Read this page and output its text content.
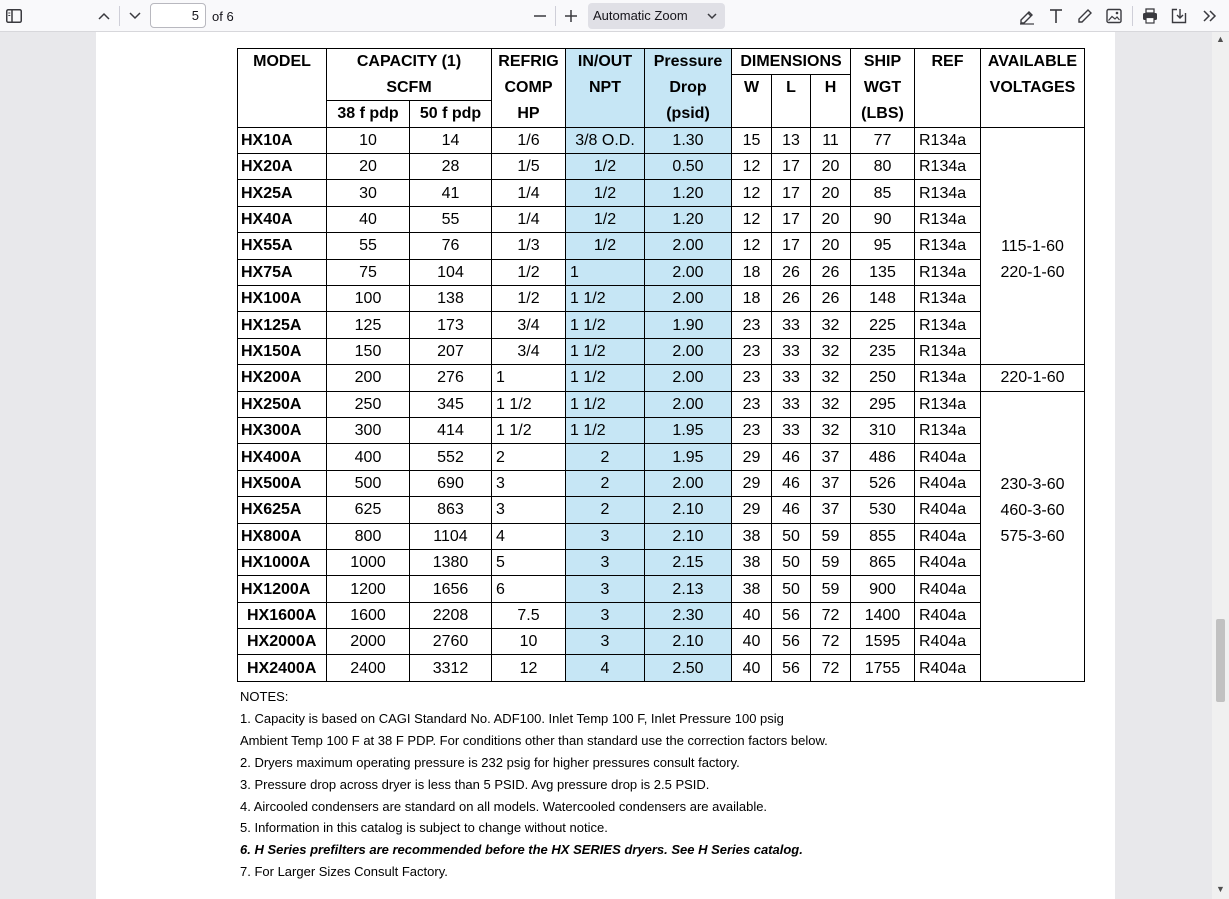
5
of 6	Automatic Zoom
MODEL	CAPACITY (1)		REFRIG	IN/OUT	Pressure	DIMENSIONS			SHIP	REF	AVAILABLE
	SCFM		COMP	NPT	Drop	W	L	H	WGT		VOLTAGES
	38 f pdp	50 f pdp	HP		(psid)				(LBS)		
HX10A	10	14	1/6	3/8 O.D.	1.30	15	13	11	77	R134a	115-1-60
220-1-60

HX20A	20	28	1/5	1/2	0.50	12	17	20	80	R134a	
HX25A	30	41	1/4	1/2	1.20	12	17	20	85	R134a	
HX40A	40	55	1/4	1/2	1.20	12	17	20	90	R134a	
HX55A	55	76	1/3	1/2	2.00	12	17	20	95	R134a	
HX75A	75	104	1/2	1	2.00	18	26	26	135	R134a	
HX100A	100	138	1/2	1 1/2	2.00	18	26	26	148	R134a	
HX125A	125	173	3/4	1 1/2	1.90	23	33	32	225	R134a	
HX150A	150	207	3/4	1 1/2	2.00	23	33	32	235	R134a	
HX200A	200	276	1	1 1/2	2.00	23	33	32	250	R134a	220-1-60
HX250A	250	345	1 1/2	1 1/2	2.00	23	33	32	295	R134a	230-3-60
460-3-60
575-3-60

HX300A	300	414	1 1/2	1 1/2	1.95	23	33	32	310	R134a	
HX400A	400	552	2	2	1.95	29	46	37	486	R404a	
HX500A	500	690	3	2	2.00	29	46	37	526	R404a	
HX625A	625	863	3	2	2.10	29	46	37	530	R404a	
HX800A	800	1104	4	3	2.10	38	50	59	855	R404a	
HX1000A	1000	1380	5	3	2.15	38	50	59	865	R404a	
HX1200A	1200	1656	6	3	2.13	38	50	59	900	R404a	
HX1600A	1600	2208	7.5	3	2.30	40	56	72	1400	R404a	
HX2000A	2000	2760	10	3	2.10	40	56	72	1595	R404a	
HX2400A	2400	3312	12	4	2.50	40	56	72	1755	R404a	
NOTES:
1. Capacity is based on CAGI Standard No. ADF100. Inlet Temp 100 F, Inlet Pressure 100 psig
Ambient Temp 100 F at 38 F PDP. For conditions other than standard use the correction factors below.
2. Dryers maximum operating pressure is 232 psig for higher pressures consult factory.
3. Pressure drop across dryer is less than 5 PSID. Avg pressure drop is 2.5 PSID.
4. Aircooled condensers are standard on all models. Watercooled condensers are available.
5. Information in this catalog is subject to change without notice.
6. H Series prefilters are recommended before the HX SERIES dryers. See H Series catalog.
7. For Larger Sizes Consult Factory.
▲
▼
